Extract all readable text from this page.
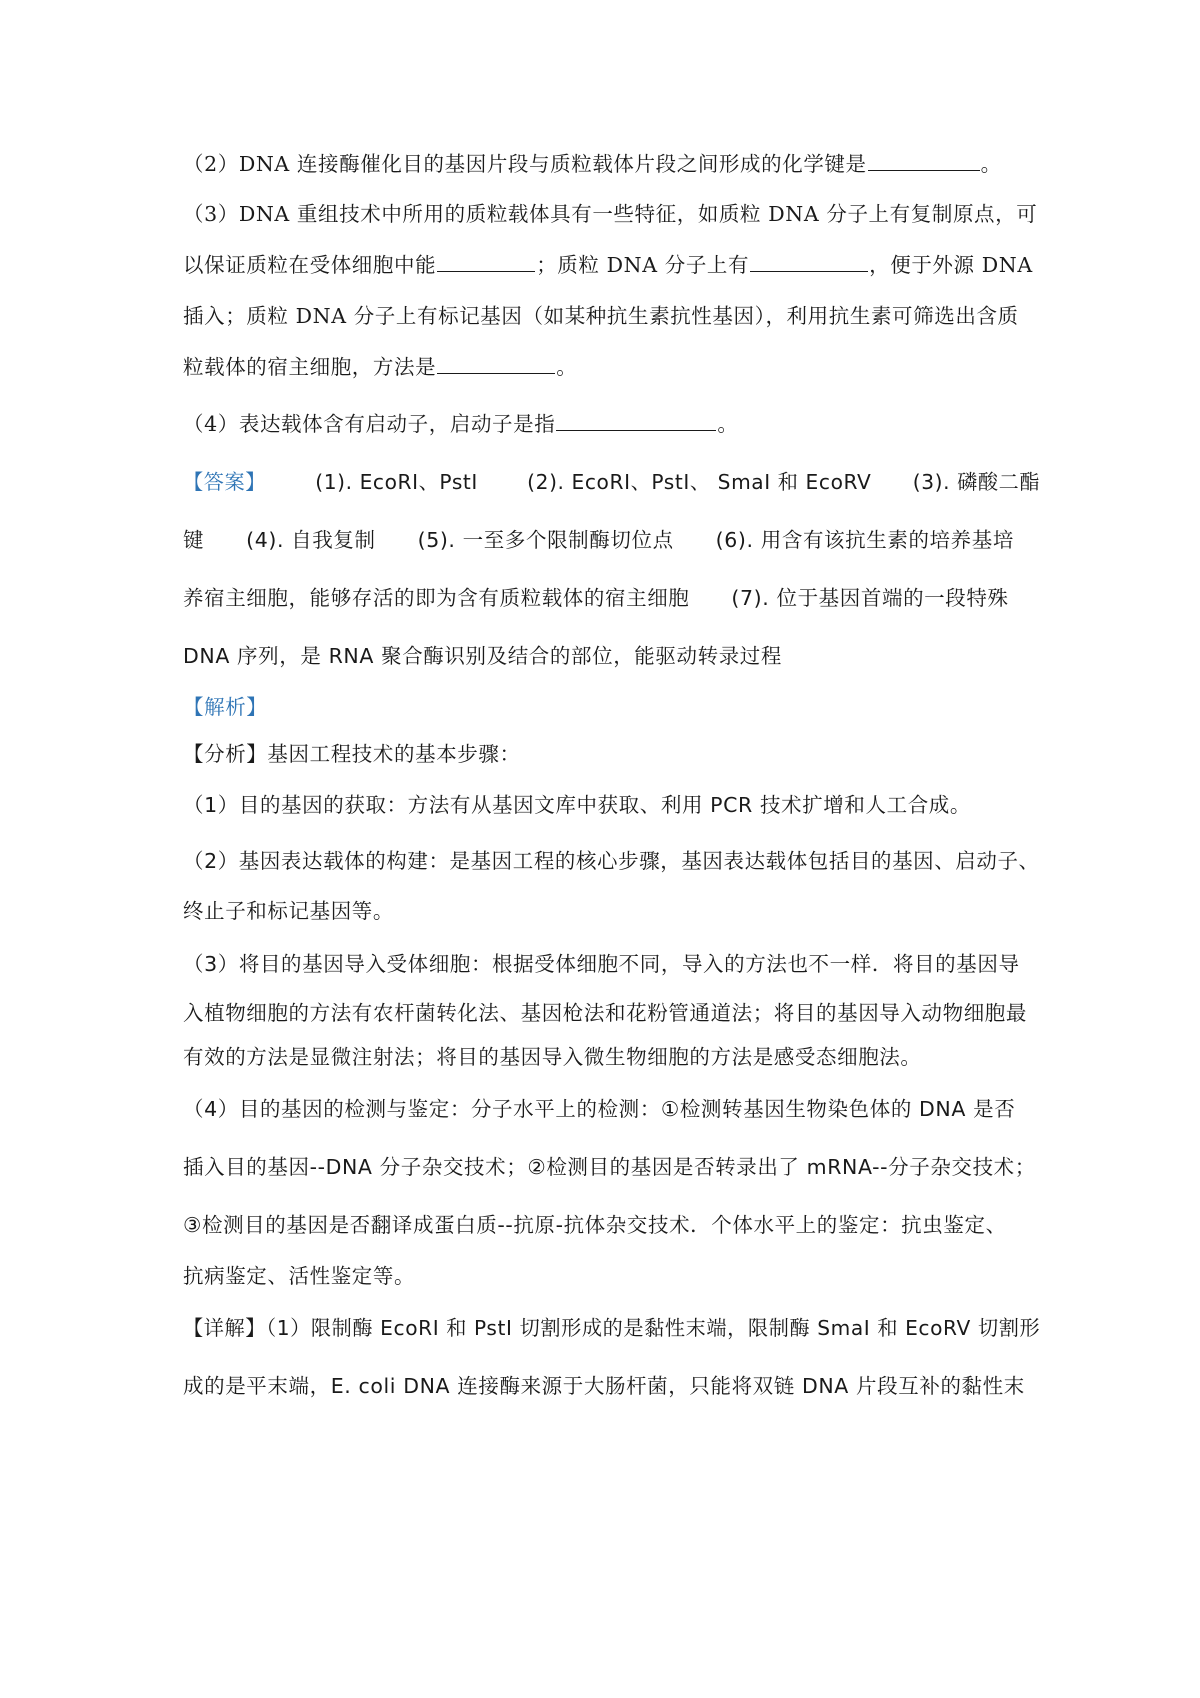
（2）DNA 连接酶催化目的基因片段与质粒载体片段之间形成的化学键是	。
（3）DNA 重组技术中所用的质粒载体具有一些特征，如质粒 DNA 分子上有复制原点，可
以保证质粒在受体细胞中能	；质粒 DNA 分子上有	，便于外源 DNA
插入；质粒 DNA 分子上有标记基因（如某种抗生素抗性基因），利用抗生素可筛选出含质
粒载体的宿主细胞，方法是	。
（4）表达载体含有启动子，启动子是指	。
【答案】 (1). EcoRI、PstI (2). EcoRI、PstI、 SmaI 和 EcoRV (3). 磷酸二酯
键 (4). 自我复制 (5). 一至多个限制酶切位点 (6). 用含有该抗生素的培养基培
养宿主细胞，能够存活的即为含有质粒载体的宿主细胞 (7). 位于基因首端的一段特殊
DNA 序列，是 RNA 聚合酶识别及结合的部位，能驱动转录过程
【解析】
【分析】基因工程技术的基本步骤：
（1）目的基因的获取：方法有从基因文库中获取、利用 PCR 技术扩增和人工合成。
（2）基因表达载体的构建：是基因工程的核心步骤，基因表达载体包括目的基因、启动子、
终止子和标记基因等。
（3）将目的基因导入受体细胞：根据受体细胞不同，导入的方法也不一样．将目的基因导
入植物细胞的方法有农杆菌转化法、基因枪法和花粉管通道法；将目的基因导入动物细胞最
有效的方法是显微注射法；将目的基因导入微生物细胞的方法是感受态细胞法。
（4）目的基因的检测与鉴定：分子水平上的检测：①检测转基因生物染色体的 DNA 是否
插入目的基因--DNA 分子杂交技术；②检测目的基因是否转录出了 mRNA--分子杂交技术；
③检测目的基因是否翻译成蛋白质--抗原-抗体杂交技术．个体水平上的鉴定：抗虫鉴定、
抗病鉴定、活性鉴定等。
【详解】（1）限制酶 EcoRI 和 PstI 切割形成的是黏性末端，限制酶 SmaI 和 EcoRV 切割形
成的是平末端，E. coli DNA 连接酶来源于大肠杆菌，只能将双链 DNA 片段互补的黏性末
